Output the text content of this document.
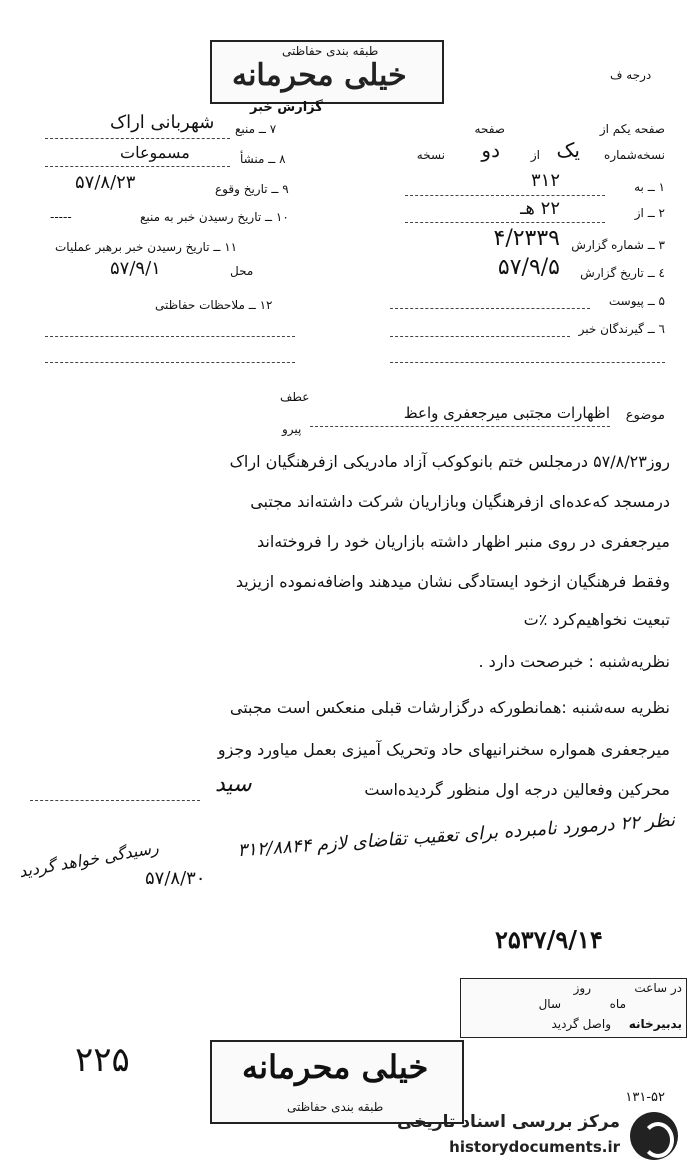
طبقه بندی حفاظتی
خیلی محرمانه
گزارش خبر
درجه ف
صفحه یکم از
صفحه
نسخه‌شماره
یک
از
دو
نسخه
۱ ــ به
۳۱۲
۲ ــ از
۲۲ هـ
۳ ــ شماره گزارش
۴/۲۳۳۹
٤ ــ تاریخ گزارش
۵۷/۹/۵
۵ ــ پیوست
٦ ــ گیرندگان خبر
۷ ــ منبع
شهربانی اراک
۸ ــ منشأ
مسموعات
۹ ــ تاریخ وقوع
۵۷/۸/۲۳
۱۰ ــ تاریخ رسیدن خبر به منبع
-----
۱۱ ــ تاریخ رسیدن خبر برهبر عملیات
محل
۵۷/۹/۱
۱۲ ــ ملاحظات حفاظتی
عطف
پیرو
موضوع
اظهارات مجتبی میرجعفری واعظ
روز۵۷/۸/۲۳ درمجلس ختم بانوکوکب آزاد مادریکی ازفرهنگیان اراک
درمسجد که‌عده‌ای ازفرهنگیان وبازاریان شرکت داشته‌اند مجتبی
میرجعفری در روی منبر اظهار داشته بازاریان خود را فروخته‌اند
وفقط فرهنگیان ازخود ایستادگی نشان میدهند واضافه‌نموده ازیزید
تبعیت نخواهیم‌کرد ٪ت
نظریه‌شنبه : خبرصحت دارد .
نظریه سه‌شنبه :همانطورکه درگزارشات قبلی منعکس است مجبتی
میرجعفری همواره سخنرانیهای حاد وتحریک آمیزی بعمل میاورد وجزو
محرکین وفعالین درجه اول منظور گردیده‌است
سید
نظر ۲۲ درمورد نامبرده برای تعقیب تقاضای لازم ۳۱۲/۸۸۴۴
رسیدگی خواهد گردید
۵۷/۸/۳۰
۲۵۳۷/۹/۱۴
در ساعت
روز
ماه
سال
بدبیرخانه
واصل گردید
۲۲۵	خیلی محرمانه
طبقه بندی حفاظتی
۱۳۱-۵۲
مرکز بررسی اسناد تاریخی
historydocuments.ir
